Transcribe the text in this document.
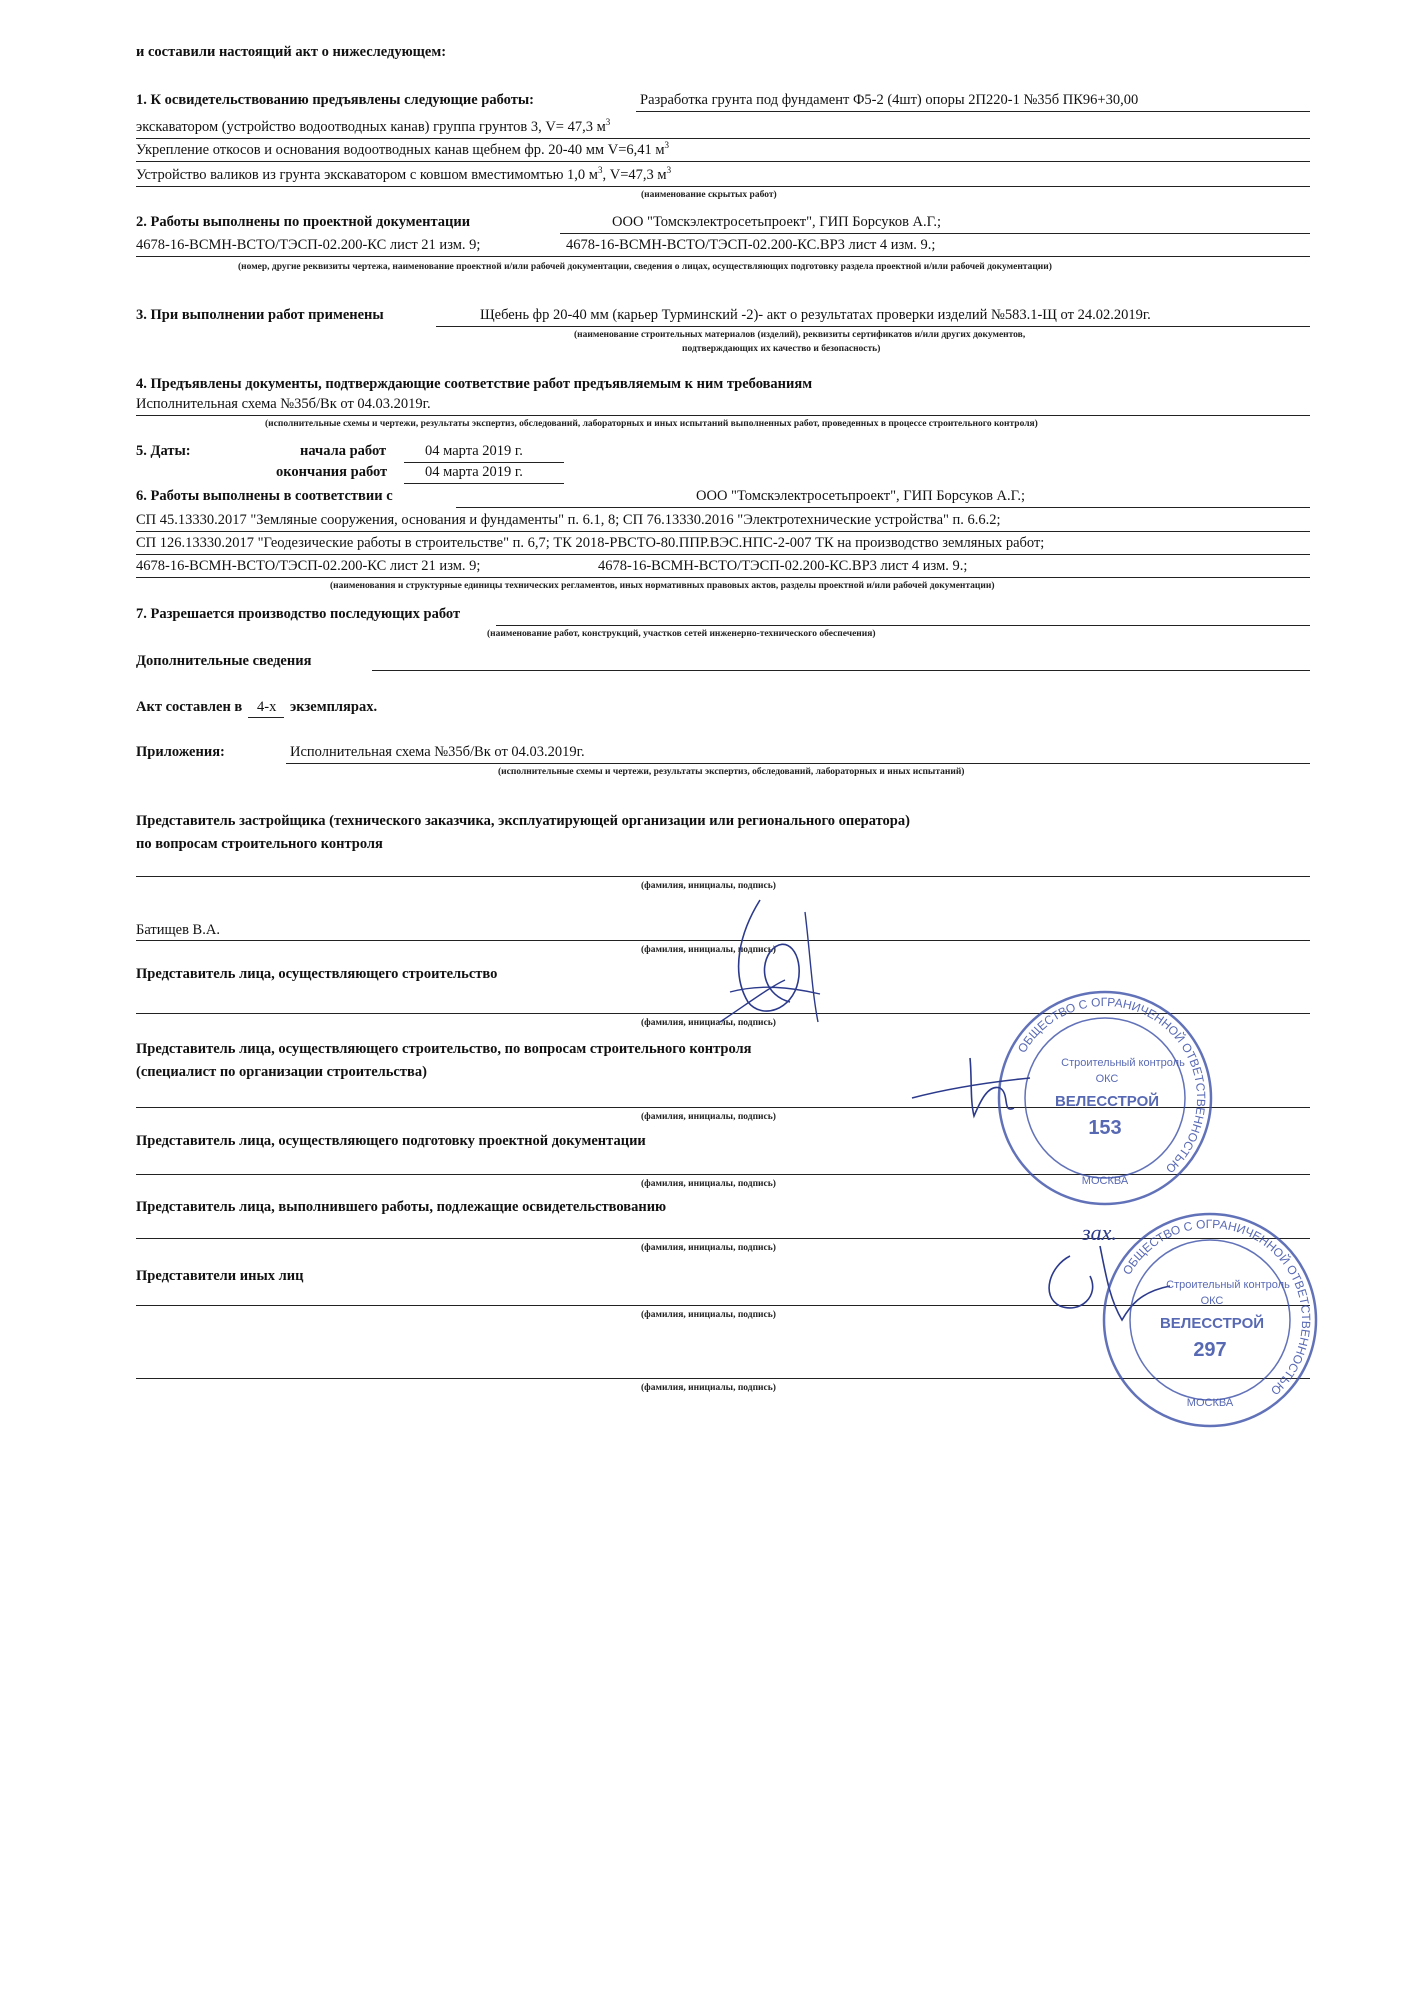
и составили настоящий акт о нижеследующем:
1. К освидетельствованию предъявлены следующие работы:	Разработка грунта под фундамент Ф5-2 (4шт) опоры 2П220-1 №35б ПК96+30,00
экскаватором (устройство водоотводных канав) группа грунтов 3, V= 47,3 $м^3$
Укрепление откосов и основания водоотводных канав щебнем фр. 20-40 мм V=6,41 $м^3$
Устройство валиков из грунта экскаватором с ковшом вместимомтью 1,0 $м^3$, V=47,3 $м^3$
(наименование скрытых работ)
2. Работы выполнены по проектной документации	ООО "Томскэлектросетьпроект", ГИП Борсуков А.Г.;
4678-16-ВСМН-ВСТО/ТЭСП-02.200-КС лист 21 изм. 9;	4678-16-ВСМН-ВСТО/ТЭСП-02.200-КС.ВР3 лист 4 изм. 9.;
(номер, другие реквизиты чертежа, наименование проектной и/или рабочей документации, сведения о лицах, осуществляющих подготовку раздела проектной и/или рабочей документации)
3. При выполнении работ применены	Щебень фр 20-40 мм (карьер Турминский -2)- акт о результатах проверки изделий №583.1-Щ от 24.02.2019г.
(наименование строительных материалов (изделий), реквизиты сертификатов и/или других документов,
подтверждающих их качество и безопасность)
4. Предъявлены документы, подтверждающие соответствие работ предъявляемым к ним требованиям
Исполнительная схема №35б/Вк от 04.03.2019г.
(исполнительные схемы и чертежи, результаты экспертиз, обследований, лабораторных и иных испытаний выполненных работ, проведенных в процессе строительного контроля)
5. Даты:	начала работ	04 марта 2019 г.
окончания работ	04 марта 2019 г.
6. Работы выполнены в соответствии с	ООО "Томскэлектросетьпроект", ГИП Борсуков А.Г.;
СП 45.13330.2017 "Земляные сооружения, основания и фундаменты" п. 6.1, 8; СП 76.13330.2016 "Электротехнические устройства" п. 6.6.2;
СП 126.13330.2017 "Геодезические работы в строительстве" п. 6,7; ТК 2018-РВСТО-80.ППР.ВЭС.НПС-2-007 ТК на производство земляных работ;
4678-16-ВСМН-ВСТО/ТЭСП-02.200-КС лист 21 изм. 9;	4678-16-ВСМН-ВСТО/ТЭСП-02.200-КС.ВР3 лист 4 изм. 9.;
(наименования и структурные единицы технических регламентов, иных нормативных правовых актов, разделы проектной и/или рабочей документации)
7. Разрешается производство последующих работ
(наименование работ, конструкций, участков сетей инженерно-технического обеспечения)
Дополнительные сведения
Акт составлен в 4-х экземплярах.
Приложения:	Исполнительная схема №35б/Вк от 04.03.2019г.
(исполнительные схемы и чертежи, результаты экспертиз, обследований, лабораторных и иных испытаний)
Представитель застройщика (технического заказчика, эксплуатирующей организации или регионального оператора)
по вопросам строительного контроля
(фамилия, инициалы, подпись)
Батищев В.А.
(фамилия, инициалы, подпись)
Представитель лица, осуществляющего строительство
(фамилия, инициалы, подпись)
Представитель лица, осуществляющего строительство, по вопросам строительного контроля
(специалист по организации строительства)
(фамилия, инициалы, подпись)
Представитель лица, осуществляющего подготовку проектной документации
(фамилия, инициалы, подпись)
Представитель лица, выполнившего работы, подлежащие освидетельствованию
(фамилия, инициалы, подпись)
Представители иных лиц
(фамилия, инициалы, подпись)
(фамилия, инициалы, подпись)
ОБЩЕСТВО С ОГРАНИЧЕННОЙ ОТВЕТСТВЕННОСТЬЮ
Строительный контроль
ОКС
ВЕЛЕССТРОЙ
153
МОСКВА
зах.
ОБЩЕСТВО С ОГРАНИЧЕННОЙ ОТВЕТСТВЕННОСТЬЮ
Строительный контроль
ОКС
ВЕЛЕССТРОЙ
297
МОСКВА
